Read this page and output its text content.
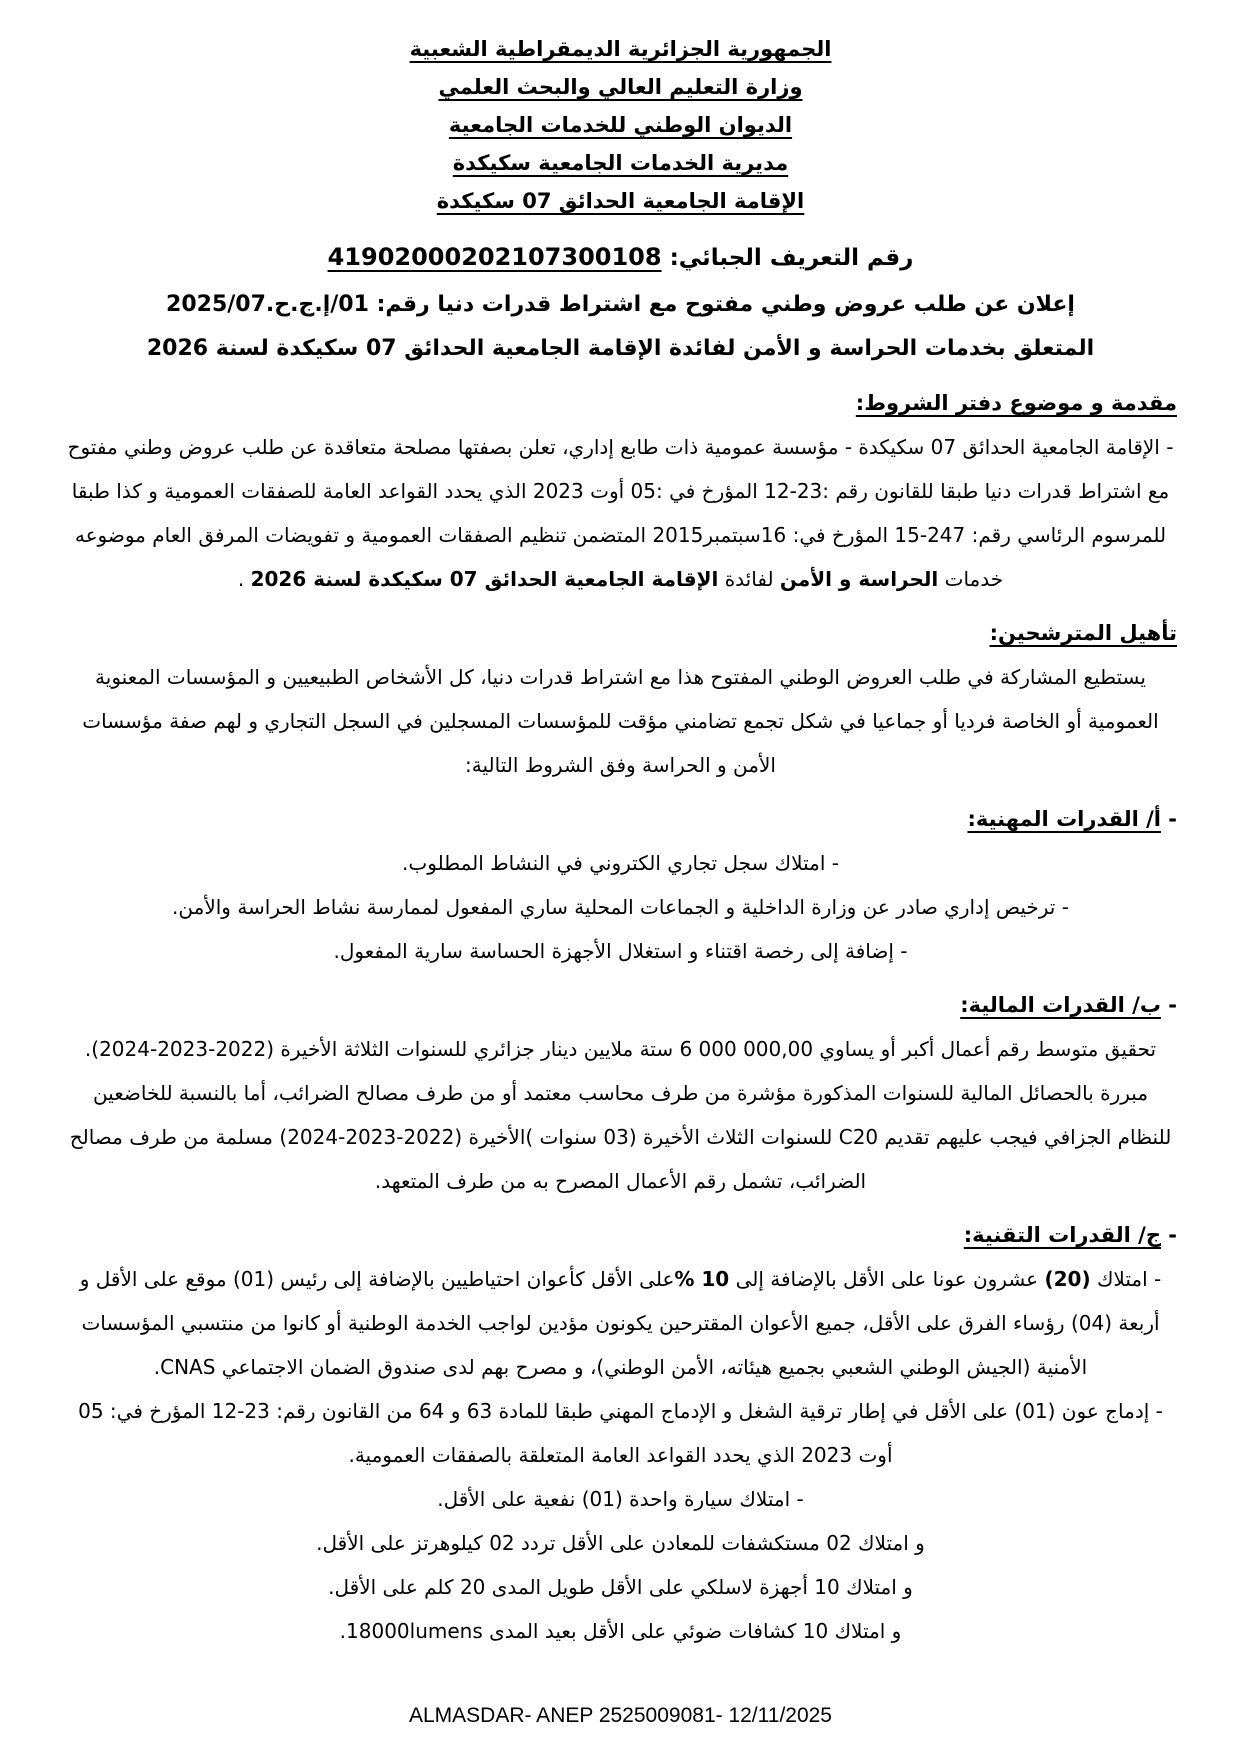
الجمهورية الجزائرية الديمقراطية الشعبية
وزارة التعليم العالي والبحث العلمي
الديوان الوطني للخدمات الجامعية
مديرية الخدمات الجامعية سكيكدة
الإقامة الجامعية الحدائق 07 سكيكدة
رقم التعريف الجبائي: 41902000202107300108
إعلان عن طلب عروض وطني مفتوح مع اشتراط قدرات دنيا رقم: 01/إ.ج.ح.2025/07
المتعلق بخدمات الحراسة و الأمن لفائدة الإقامة الجامعية الحدائق 07 سكيكدة لسنة 2026
مقدمة و موضوع دفتر الشروط:

- الإقامة الجامعية الحدائق 07 سكيكدة - مؤسسة عمومية ذات طابع إداري، تعلن بصفتها مصلحة متعاقدة عن طلب عروض وطني مفتوح مع اشتراط قدرات دنيا طبقا للقانون رقم :23-12 المؤرخ في :05 أوت 2023 الذي يحدد القواعد العامة للصفقات العمومية و كذا طبقا للمرسوم الرئاسي رقم: 247-15 المؤرخ في: 16سبتمبر2015 المتضمن تنظيم الصفقات العمومية و تفويضات المرفق العام موضوعه خدمات الحراسة و الأمن لفائدة الإقامة الجامعية الحدائق 07 سكيكدة لسنة 2026 .

تأهيل المترشحين:

يستطيع المشاركة في طلب العروض الوطني المفتوح هذا مع اشتراط قدرات دنيا، كل الأشخاص الطبيعيين و المؤسسات المعنوية العمومية أو الخاصة فرديا أو جماعيا في شكل تجمع تضامني مؤقت للمؤسسات المسجلين في السجل التجاري و لهم صفة مؤسسات الأمن و الحراسة وفق الشروط التالية:

- أ/ القدرات المهنية:

- امتلاك سجل تجاري الكتروني في النشاط المطلوب.

- ترخيص إداري صادر عن وزارة الداخلية و الجماعات المحلية ساري المفعول لممارسة نشاط الحراسة والأمن.

- إضافة إلى رخصة اقتناء و استغلال الأجهزة الحساسة سارية المفعول.

- ب/ القدرات المالية:

تحقيق متوسط رقم أعمال أكبر أو يساوي ⁦6 000 000,00⁩ ستة ملايين دينار جزائري للسنوات الثلاثة الأخيرة (2022-2023-2024). مبررة بالحصائل المالية للسنوات المذكورة مؤشرة من طرف محاسب معتمد أو من طرف مصالح الضرائب، أما بالنسبة للخاضعين للنظام الجزافي فيجب عليهم تقديم C20 للسنوات الثلاث الأخيرة (03 سنوات )الأخيرة (2022-2023-2024) مسلمة من طرف مصالح الضرائب، تشمل رقم الأعمال المصرح به من طرف المتعهد.

- ج/ القدرات التقنية:

- امتلاك (20) عشرون عونا على الأقل بالإضافة إلى 10 %على الأقل كأعوان احتياطيين بالإضافة إلى رئيس (01) موقع على الأقل و أربعة (04) رؤساء الفرق على الأقل، جميع الأعوان المقترحين يكونون مؤدين لواجب الخدمة الوطنية أو كانوا من منتسبي المؤسسات الأمنية (الجيش الوطني الشعبي بجميع هيئاته، الأمن الوطني)، و مصرح بهم لدى صندوق الضمان الاجتماعي CNAS.

- إدماج عون (01) على الأقل في إطار ترقية الشغل و الإدماج المهني طبقا للمادة 63 و 64 من القانون رقم: 23-12 المؤرخ في: 05 أوت 2023 الذي يحدد القواعد العامة المتعلقة بالصفقات العمومية.

- امتلاك سيارة واحدة (01) نفعية على الأقل.

و امتلاك 02 مستكشفات للمعادن على الأقل تردد 02 كيلوهرتز على الأقل.

و امتلاك 10 أجهزة لاسلكي على الأقل طويل المدى 20 كلم على الأقل.

و امتلاك 10 كشافات ضوئي على الأقل بعيد المدى 18000lumens.

ALMASDAR- ANEP 2525009081- 12/11/2025
